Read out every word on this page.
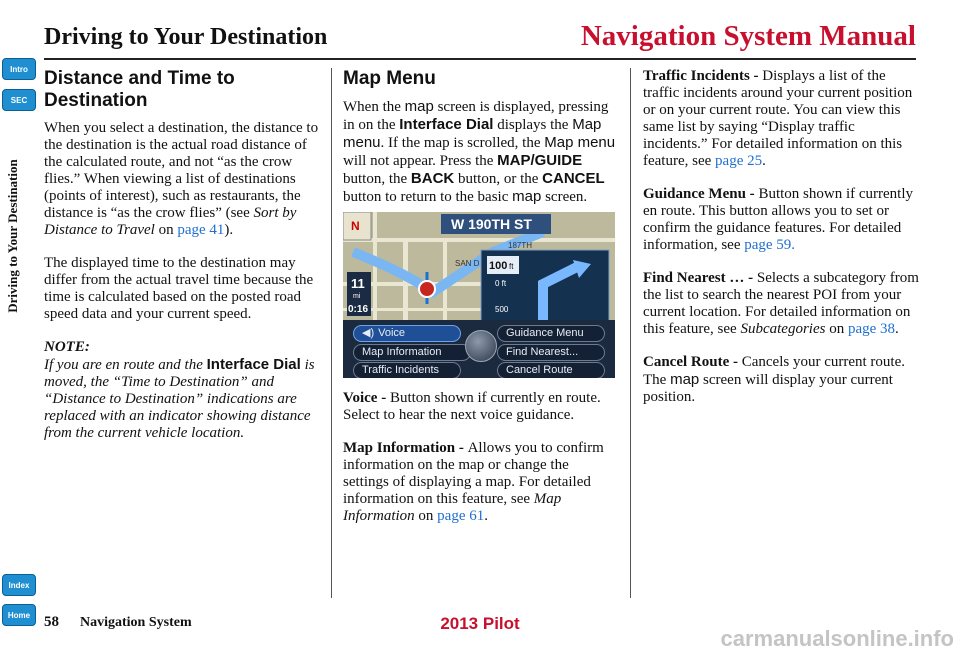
Driving to Your Destination	Navigation System Manual
Intro
SEC
Driving to Your Destination
Index
Home
Distance and Time to Destination

When you select a destination, the distance to the destination is the actual road distance of the calculated route, and not “as the crow flies.” When viewing a list of destinations (points of interest), such as restaurants, the distance is “as the crow flies” (see Sort by Distance to Travel on page 41).

The displayed time to the destination may differ from the actual travel time because the time is calculated based on the posted road speed data and your current speed.

NOTE:

If you are en route and the Interface Dial is moved, the “Time to Destination” and “Distance to Destination” indications are replaced with an indicator showing distance from the current vehicle location.

Map Menu

When the map screen is displayed, pressing in on the Interface Dial displays the Map menu. If the map is scrolled, the Map menu will not appear. Press the MAP/GUIDE button, the BACK button, or the CANCEL button to return to the basic map screen.

N	W 190TH ST
187TH
SAN D
11
mi
0:16
100 ft
0 ft
500
◀) Voice	Guidance Menu
Map Information	Find Nearest...
Traffic Incidents	Cancel Route

Voice - Button shown if currently en route. Select to hear the next voice guidance.

Map Information - Allows you to confirm information on the map or change the settings of displaying a map. For detailed information on this feature, see Map Information on page 61.

Traffic Incidents - Displays a list of the traffic incidents around your current position or on your current route. You can view this same list by saying “Display traffic incidents.” For detailed information on this feature, see page 25.

Guidance Menu - Button shown if currently en route. This button allows you to set or confirm the guidance features. For detailed information, see page 59.

Find Nearest … - Selects a subcategory from the list to search the nearest POI from your current location. For detailed information on this feature, see Subcategories on page 38.

Cancel Route - Cancels your current route. The map screen will display your current position.

58 Navigation System	2013 Pilot
carmanualsonline.info
